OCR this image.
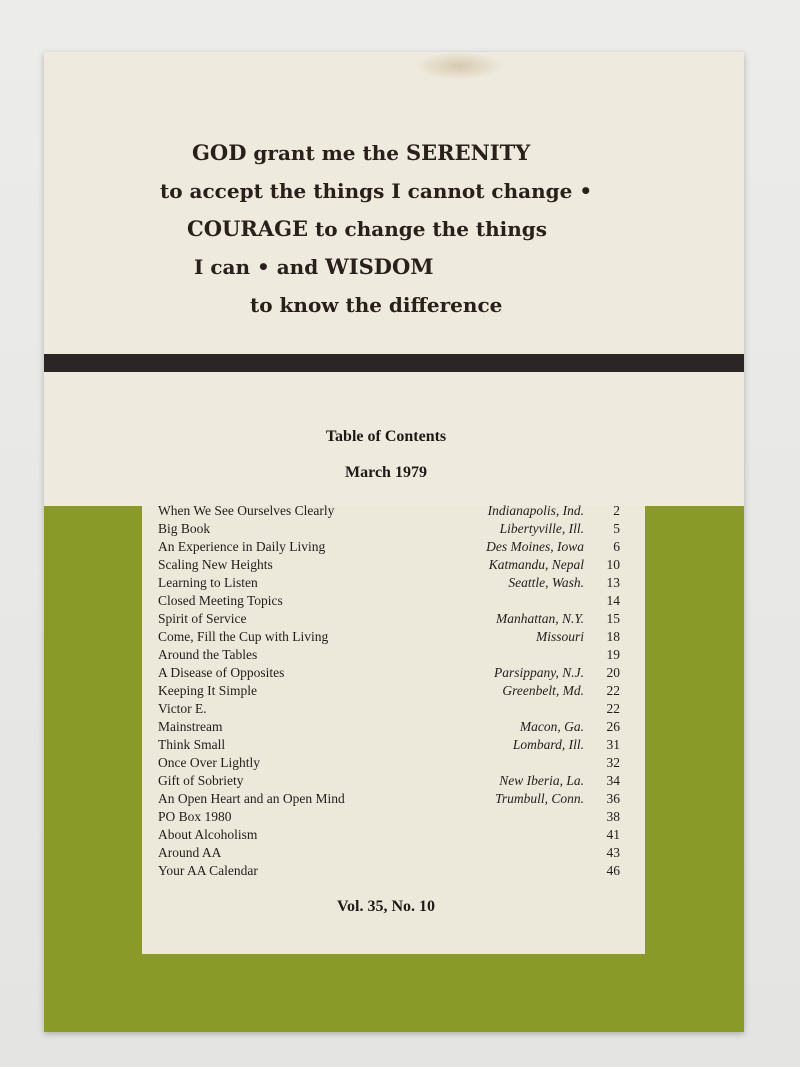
GOD grant me the SERENITY
to accept the things I cannot change •
COURAGE to change the things
I can • and WISDOM
to know the difference
Table of Contents
March 1979
When We See Ourselves Clearly	Indianapolis, Ind.	2
Big Book	Libertyville, Ill.	5
An Experience in Daily Living	Des Moines, Iowa	6
Scaling New Heights	Katmandu, Nepal	10
Learning to Listen	Seattle, Wash.	13
Closed Meeting Topics	14
Spirit of Service	Manhattan, N.Y.	15
Come, Fill the Cup with Living	Missouri	18
Around the Tables	19
A Disease of Opposites	Parsippany, N.J.	20
Keeping It Simple	Greenbelt, Md.	22
Victor E.	22
Mainstream	Macon, Ga.	26
Think Small	Lombard, Ill.	31
Once Over Lightly	32
Gift of Sobriety	New Iberia, La.	34
An Open Heart and an Open Mind	Trumbull, Conn.	36
PO Box 1980	38
About Alcoholism	41
Around AA	43
Your AA Calendar	46
Vol. 35, No. 10
